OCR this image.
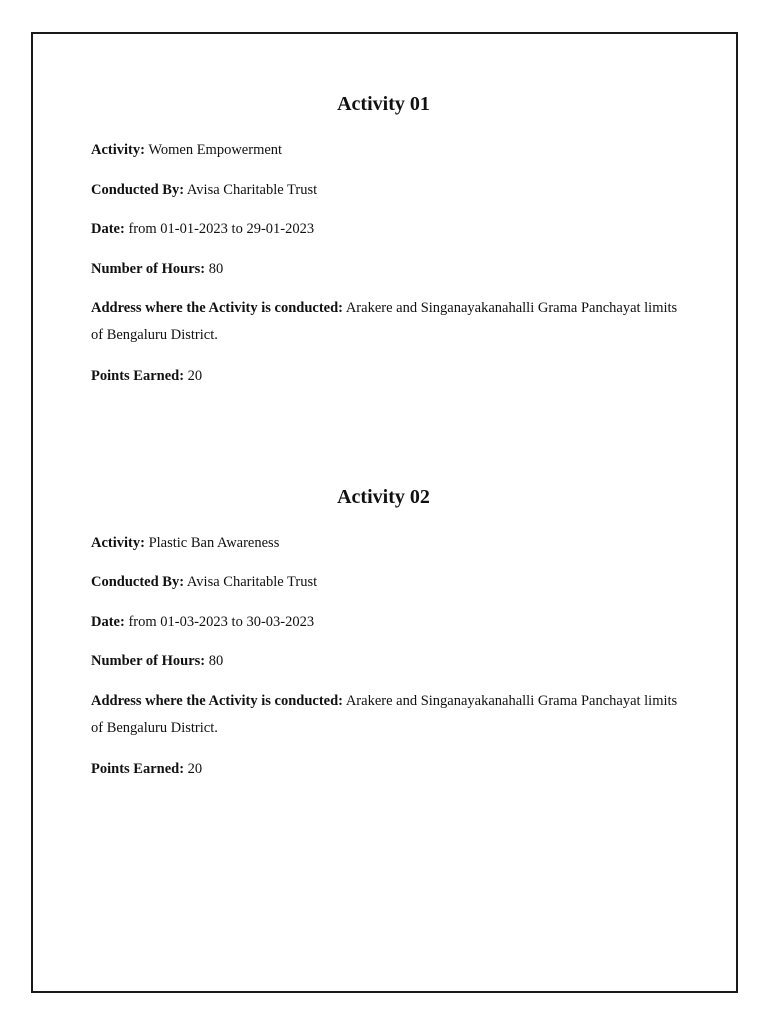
Activity 01

Activity: Women Empowerment

Conducted By: Avisa Charitable Trust

Date: from 01-01-2023 to 29-01-2023

Number of Hours: 80

Address where the Activity is conducted: Arakere and Singanayakanahalli Grama Panchayat limits of Bengaluru District.

Points Earned: 20

Activity 02

Activity: Plastic Ban Awareness

Conducted By: Avisa Charitable Trust

Date: from 01-03-2023 to 30-03-2023

Number of Hours: 80

Address where the Activity is conducted: Arakere and Singanayakanahalli Grama Panchayat limits of Bengaluru District.

Points Earned: 20
